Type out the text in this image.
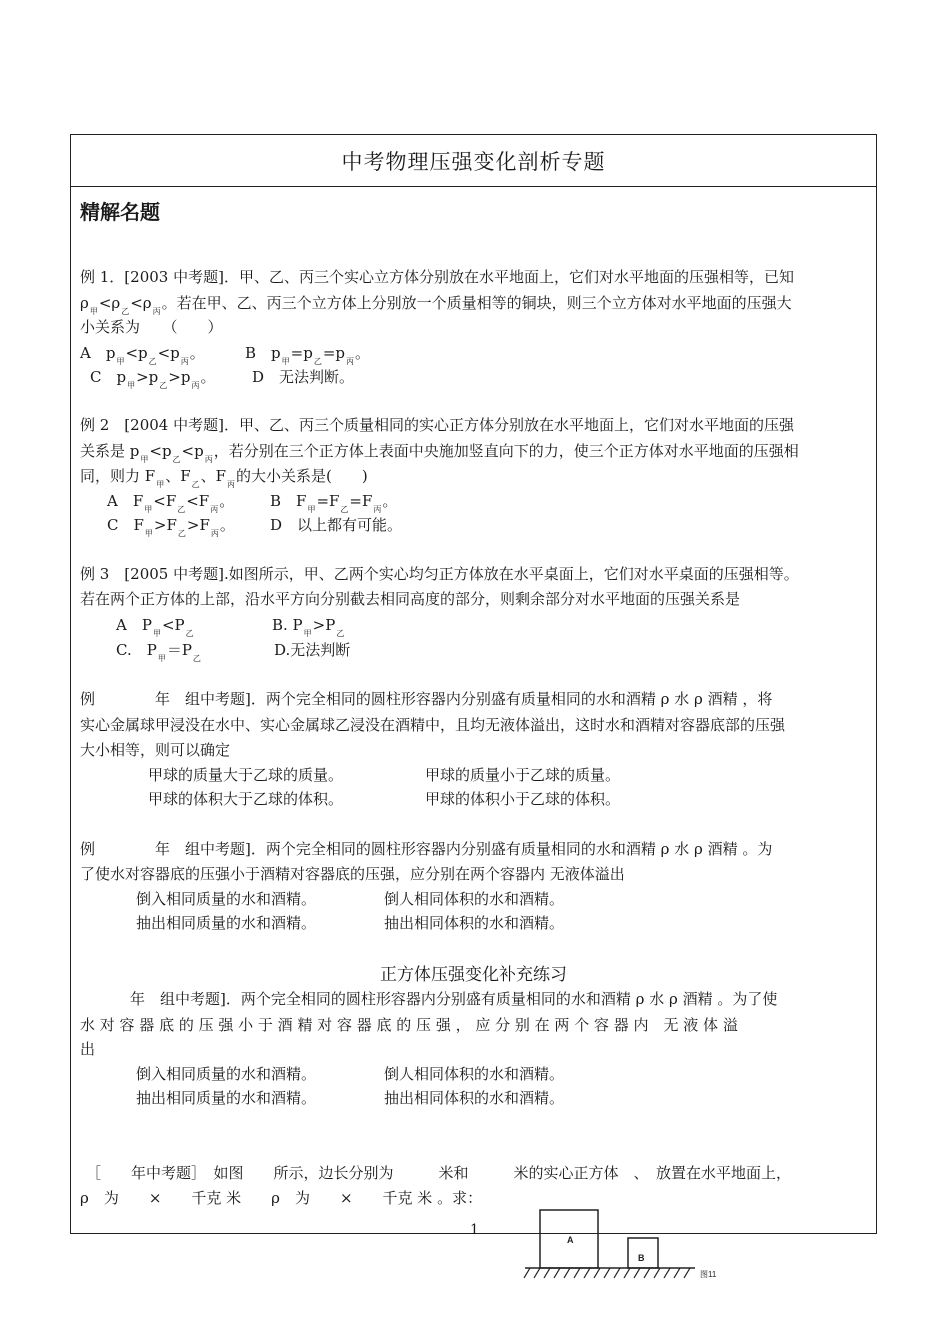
中考物理压强变化剖析专题
精解名题
例 1．[2003 中考题]．甲、乙、丙三个实心立方体分别放在水平地面上，它们对水平地面的压强相等，已知
$\rho_甲<\rho_乙<\rho_丙$。若在甲、乙、丙三个立方体上分别放一个质量相等的铜块，则三个立方体对水平地面的压强大
小关系为　　（　　）
A　$p_甲<p_乙<p_丙$。	B　$p_甲=p_乙=p_丙$。
C　$p_甲>p_乙>p_丙$。 D　无法判断。
例 2　[2004 中考题]．甲、乙、丙三个质量相同的实心正方体分别放在水平地面上，它们对水平地面的压强
关系是 $p_甲<p_乙<p_丙$，若分别在三个正方体上表面中央施加竖直向下的力，使三个正方体对水平地面的压强相
同，则力 $F_甲$、$F_乙$、$F_丙$的大小关系是(　　)
A　$F_甲<F_乙<F_丙$。 B　$F_甲=F_乙=F_丙$。
C　$F_甲>F_乙>F_丙$。 D　以上都有可能。
例 3　[2005 中考题].如图所示，甲、乙两个实心均匀正方体放在水平桌面上，它们对水平桌面的压强相等。
若在两个正方体的上部，沿水平方向分别截去相同高度的部分，则剩余部分对水平地面的压强关系是
A　$P_甲<P_乙$	B. $P_甲>P_乙$
C.　$P_甲=P_乙$	D.无法判断
例　　　　年　组中考题]．两个完全相同的圆柱形容器内分别盛有质量相同的水和酒精 ρ 水 ρ 酒精 ，将
实心金属球甲浸没在水中、实心金属球乙浸没在酒精中，且均无液体溢出，这时水和酒精对容器底部的压强
大小相等，则可以确定
甲球的质量大于乙球的质量。	甲球的质量小于乙球的质量。
甲球的体积大于乙球的体积。	甲球的体积小于乙球的体积。
例　　　　年　组中考题]．两个完全相同的圆柱形容器内分别盛有质量相同的水和酒精 ρ 水 ρ 酒精 。为
了使水对容器底的压强小于酒精对容器底的压强，应分别在两个容器内 无液体溢出
倒入相同质量的水和酒精。	倒人相同体积的水和酒精。
抽出相同质量的水和酒精。	抽出相同体积的水和酒精。
正方体压强变化补充练习
年　组中考题]．两个完全相同的圆柱形容器内分别盛有质量相同的水和酒精 ρ 水 ρ 酒精 。为了使
水 对 容 器 底 的 压 强 小 于 酒 精 对 容 器 底 的 压 强 ， 应 分 别 在 两 个 容 器 内　无 液 体 溢
出
倒入相同质量的水和酒精。	倒人相同体积的水和酒精。
抽出相同质量的水和酒精。	抽出相同体积的水和酒精。
［　　年中考题］　如图　　所示，边长分别为　　　米和　　　米的实心正方体　、　放置在水平地面上，
ρ　为　　×　　千克 米　　ρ　为　　×　　千克 米 。求：
1
A
B
图11
